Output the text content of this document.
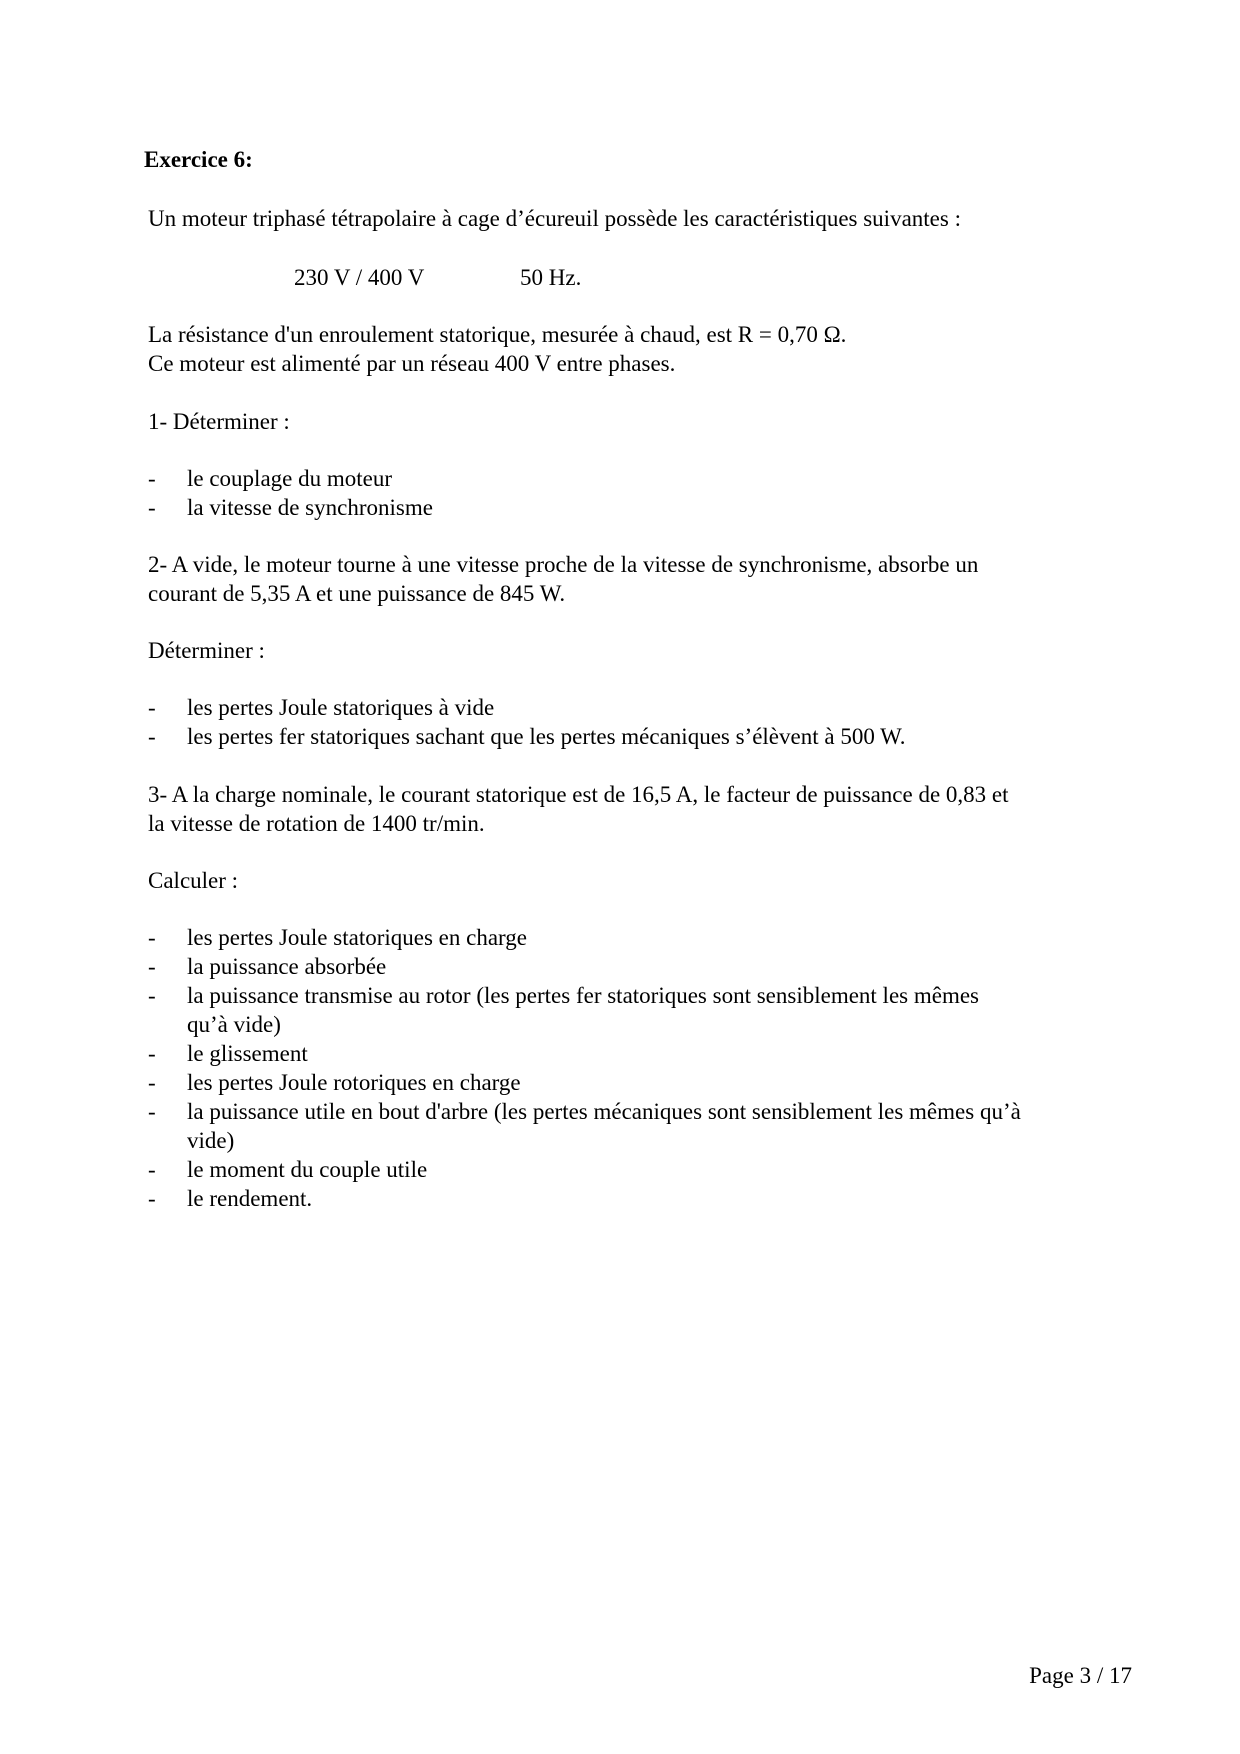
Exercice 6:
Un moteur triphasé tétrapolaire à cage d’écureuil possède les caractéristiques suivantes :
230 V / 400 V	50 Hz.
La résistance d'un enroulement statorique, mesurée à chaud, est R = 0,70 Ω.
Ce moteur est alimenté par un réseau 400 V entre phases.
1- Déterminer :
- le couplage du moteur
- la vitesse de synchronisme
2- A vide, le moteur tourne à une vitesse proche de la vitesse de synchronisme, absorbe un
courant de 5,35 A et une puissance de 845 W.
Déterminer :
- les pertes Joule statoriques à vide
- les pertes fer statoriques sachant que les pertes mécaniques s’élèvent à 500 W.
3- A la charge nominale, le courant statorique est de 16,5 A, le facteur de puissance de 0,83 et
la vitesse de rotation de 1400 tr/min.
Calculer :
- les pertes Joule statoriques en charge
- la puissance absorbée
- la puissance transmise au rotor (les pertes fer statoriques sont sensiblement les mêmes
qu’à vide)
- le glissement
- les pertes Joule rotoriques en charge
- la puissance utile en bout d'arbre (les pertes mécaniques sont sensiblement les mêmes qu’à
vide)
- le moment du couple utile
- le rendement.
Page 3 / 17
